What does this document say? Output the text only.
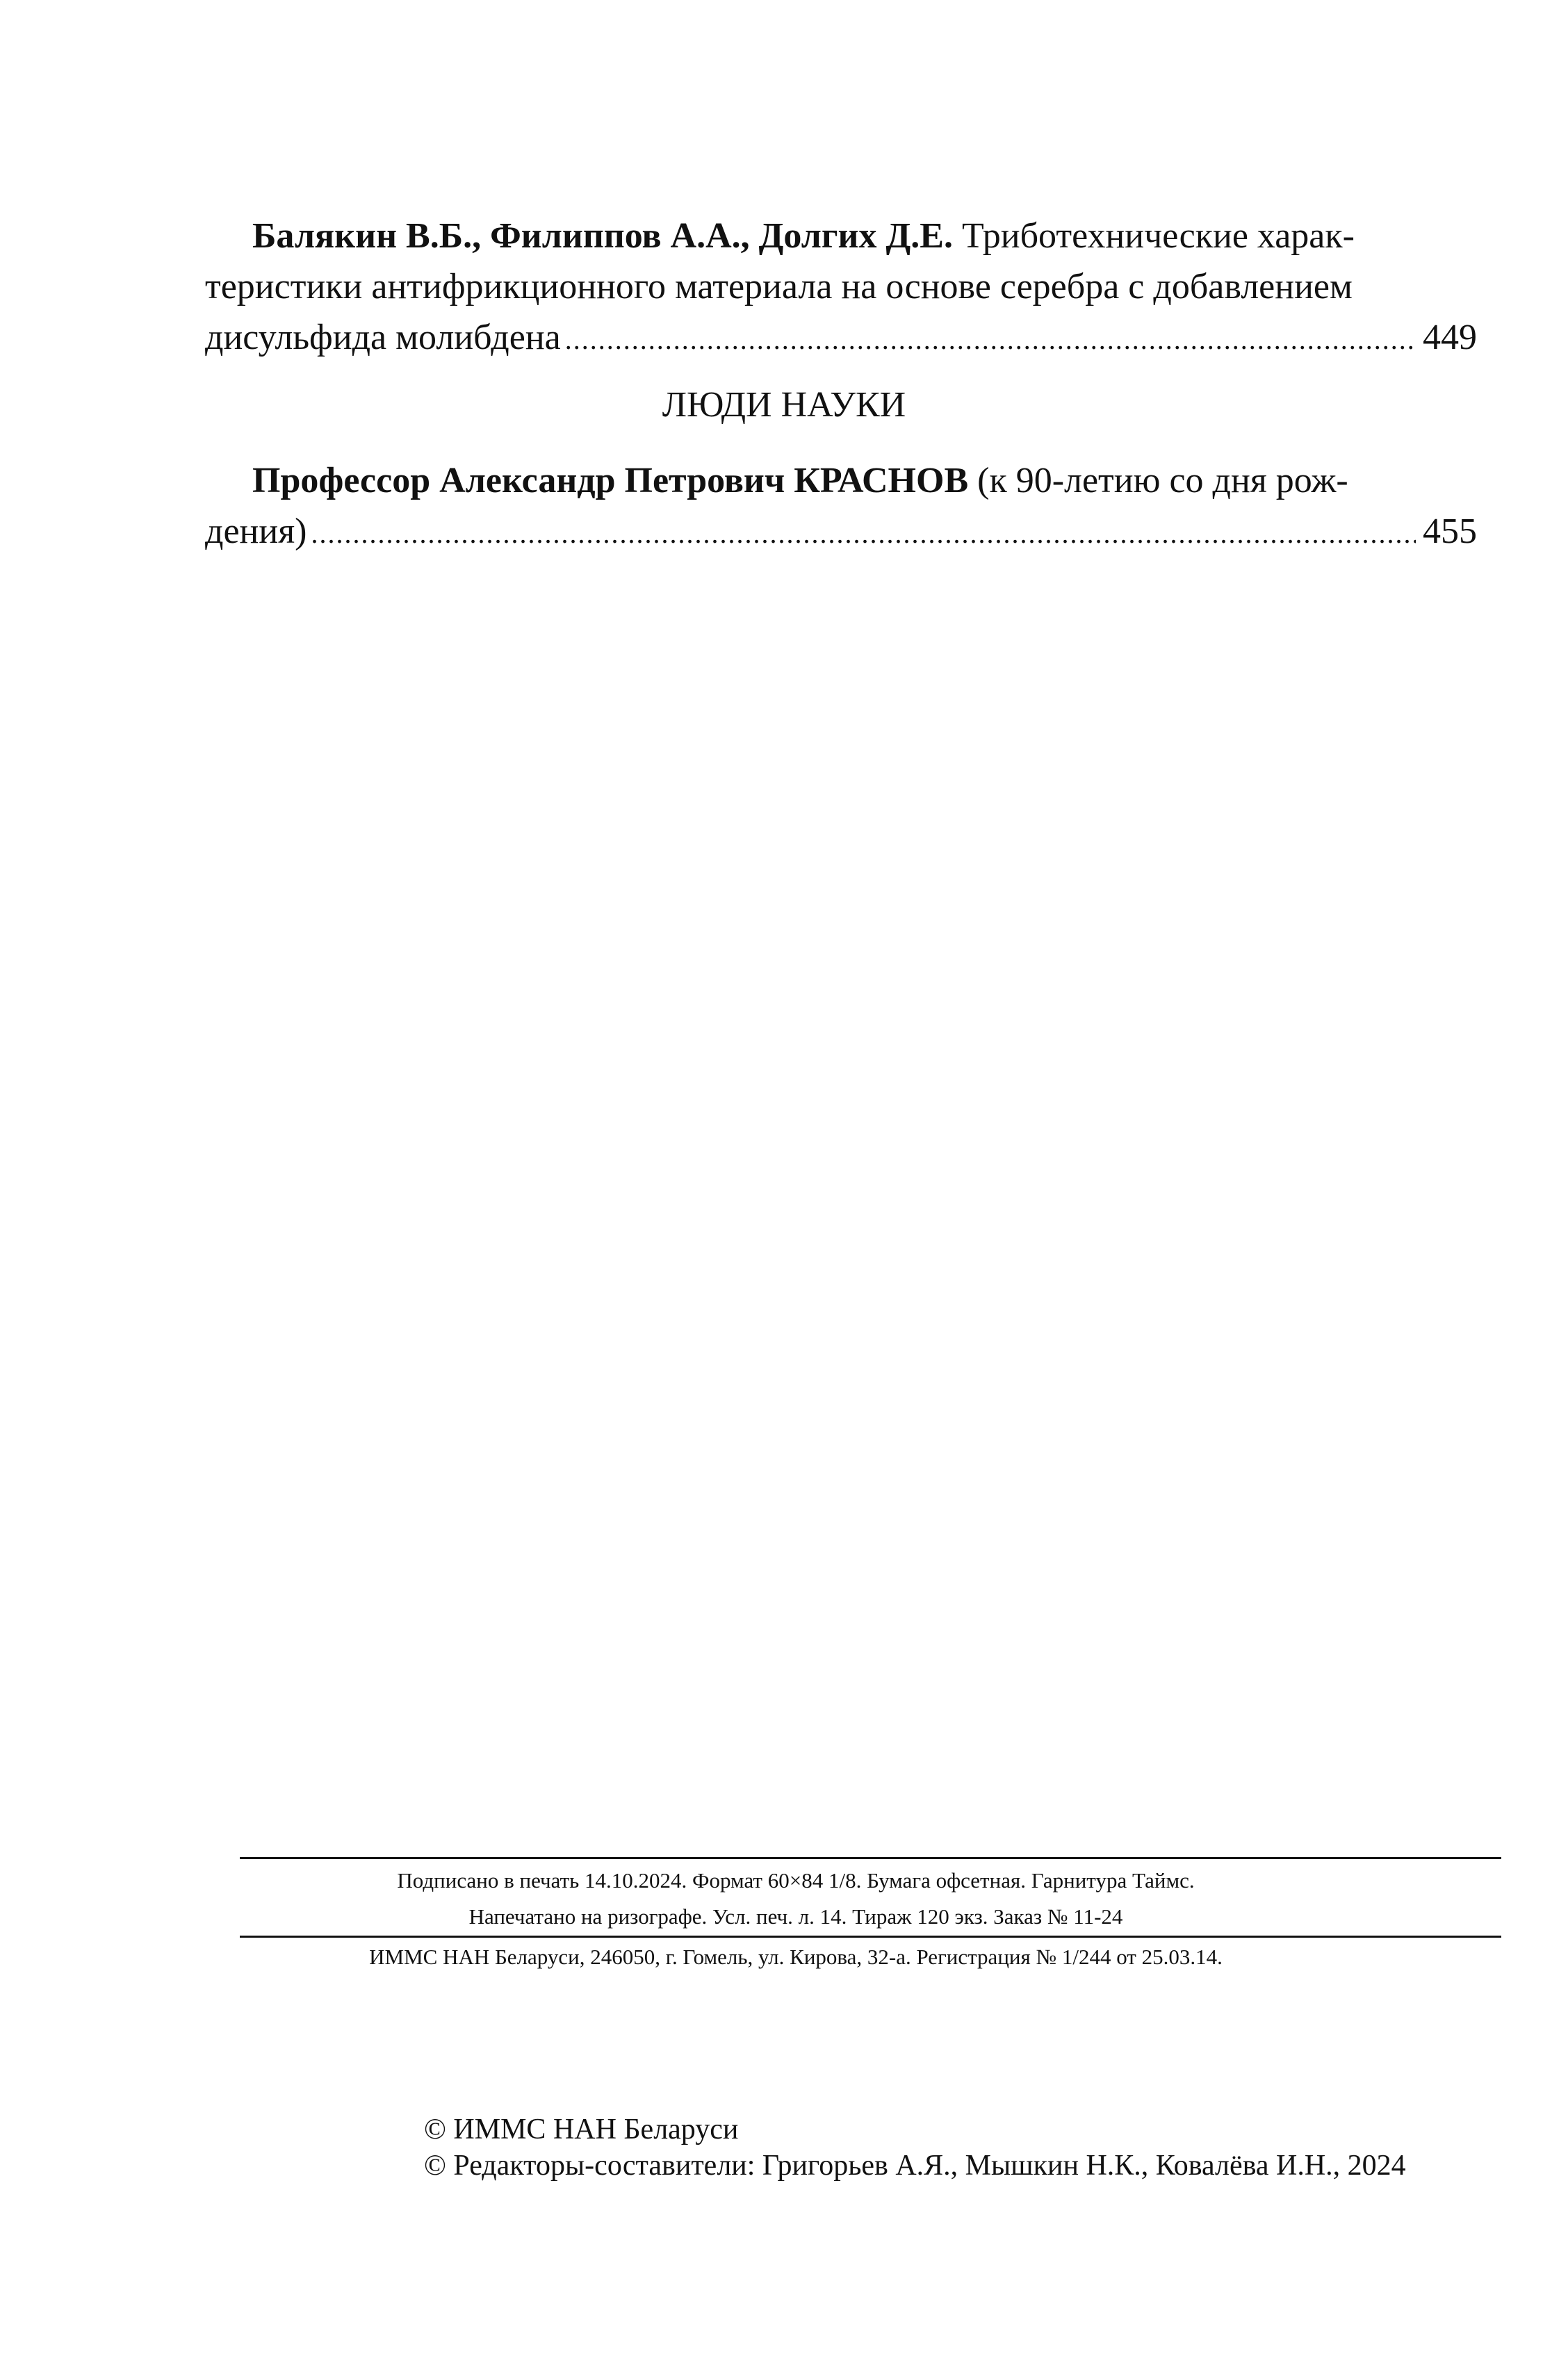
Балякин В.Б., Филиппов А.А., Долгих Д.Е. Триботехнические харак-
теристики антифрикционного материала на основе серебра с добавлением
дисульфида молибдена .....	449
ЛЮДИ НАУКИ
Профессор Александр Петрович КРАСНОВ (к 90-летию со дня рож-
дения) .....	455
Подписано в печать 14.10.2024. Формат 60×84 1/8. Бумага офсетная. Гарнитура Таймс.
Напечатано на ризографе. Усл. печ. л. 14. Тираж 120 экз. Заказ № 11-24
ИММС НАН Беларуси, 246050, г. Гомель, ул. Кирова, 32-а. Регистрация № 1/244 от 25.03.14.
© ИММС НАН Беларуси
© Редакторы-составители: Григорьев А.Я., Мышкин Н.К., Ковалёва И.Н., 2024
